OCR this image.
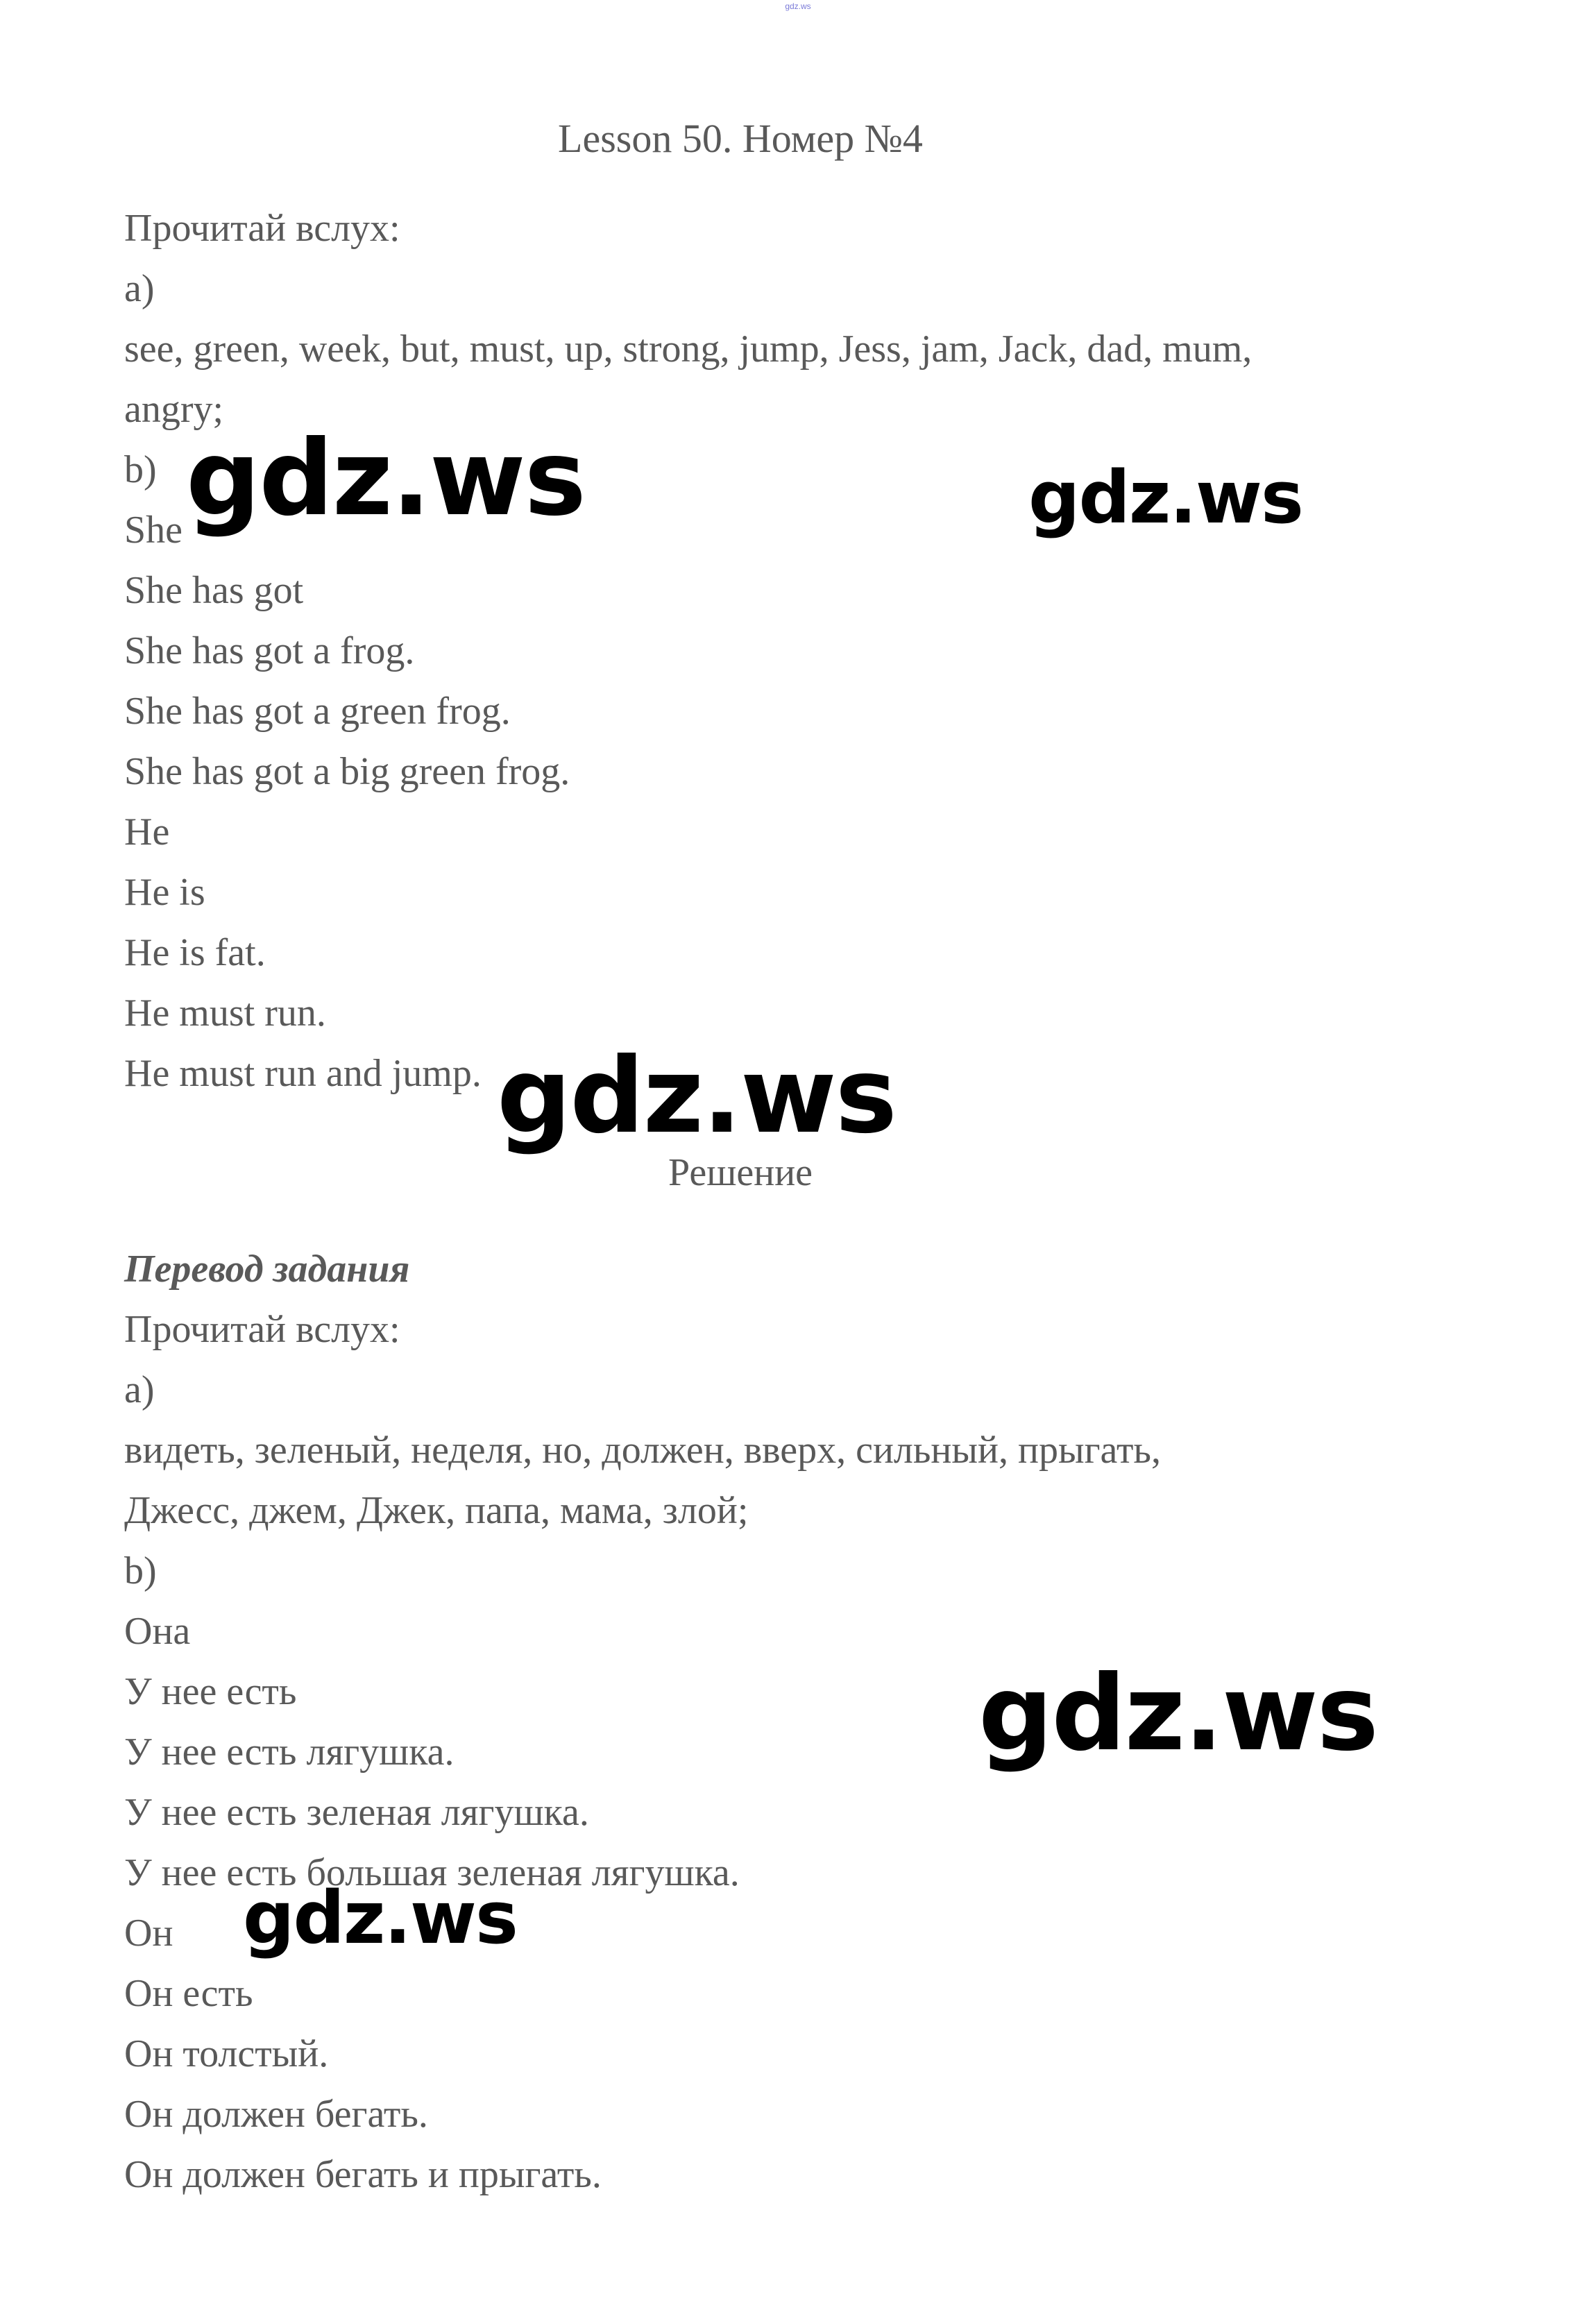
gdz.ws
Lesson 50. Номер №4
Прочитай вслух:
a)
see, green, week, but, must, up, strong, jump, Jess, jam, Jack, dad, mum,
angry;
b)
She
She has got
She has got a frog.
She has got a green frog.
She has got a big green frog.
He
He is
He is fat.
He must run.
He must run and jump.
Решение
Перевод задания
Прочитай вслух:
a)
видеть, зеленый, неделя, но, должен, вверх, сильный, прыгать,
Джесс, джем, Джек, папа, мама, злой;
b)
Она
У нее есть
У нее есть лягушка.
У нее есть зеленая лягушка.
У нее есть большая зеленая лягушка.
Он
Он есть
Он толстый.
Он должен бегать.
Он должен бегать и прыгать.
gdz.ws	gdz.ws
gdz.ws
gdz.ws
gdz.ws
